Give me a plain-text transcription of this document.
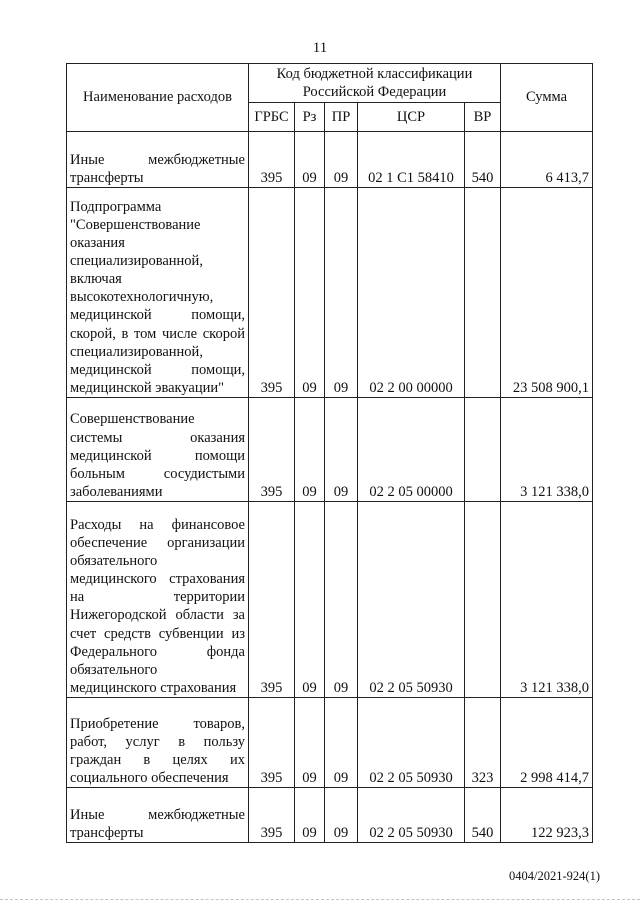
11
Наименование расходов	Код бюджетной классификации Российской Федерации					Сумма
	ГРБС	Рз	ПР	ЦСР	ВР	
Иные межбюджетные трансферты	395	09	09	02 1 С1 58410	540	6 413,7
Подпрограмма "Совершенствование оказания специализированной, включая высокотехнологичную, медицинской помощи, скорой, в том числе скорой специализированной, медицинской помощи, медицинской эвакуации"	395	09	09	02 2 00 00000		23 508 900,1
Совершенствование системы оказания медицинской помощи больным сосудистыми заболеваниями	395	09	09	02 2 05 00000		3 121 338,0
Расходы на финансовое обеспечение организации обязательного медицинского страхования на территории Нижегородской области за счет средств субвенции из Федерального фонда обязательного медицинского страхования	395	09	09	02 2 05 50930		3 121 338,0
Приобретение товаров, работ, услуг в пользу граждан в целях их социального обеспечения	395	09	09	02 2 05 50930	323	2 998 414,7
Иные межбюджетные трансферты	395	09	09	02 2 05 50930	540	122 923,3
0404/2021-924(1)
